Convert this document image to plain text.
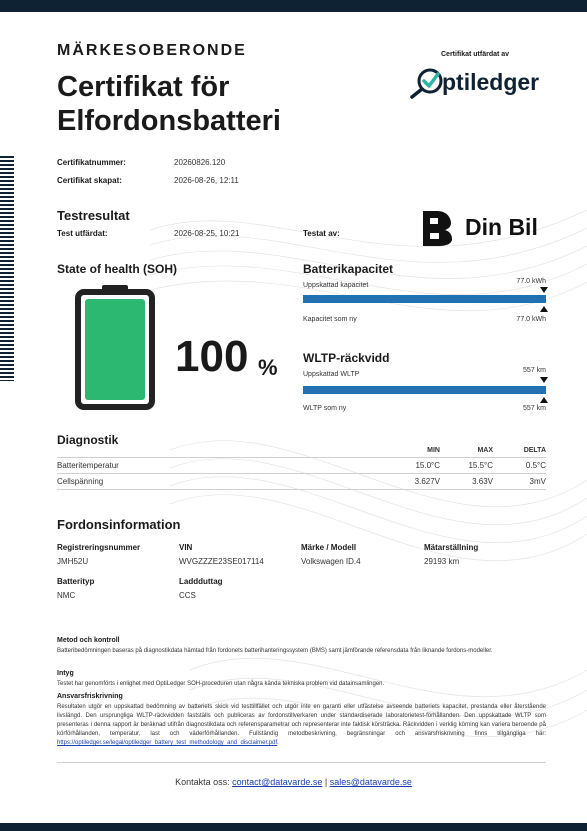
MÄRKESOBERONDE
Certifikat för
Elfordonsbatteri
Certifikat utfärdat av
ptiledger
Certifikatnummer:	20260826.120
Certifikat skapat:	2026-08-26, 12:11
Testresultat
Test utfärdat:	2026-08-25, 10:21	Testat av:	Din Bil
State of health (SOH)
100 %
Batterikapacitet
Uppskattad kapacitet
77.0 kWh
Kapacitet som ny	77.0 kWh
WLTP-räckvidd
Uppskattad WLTP
557 km
WLTP som ny	557 km
Diagnostik
MIN	MAX	DELTA
Batteritemperatur	15.0°C	15.5°C	0.5°C
Cellspänning	3.627V	3.63V	3mV
Fordonsinformation
Registreringsnummer
JMH52U
VIN
WVGZZZE23SE017114
Märke / Modell
Volkswagen ID.4
Mätarställning
29193 km
Batterityp
NMC
Laddduttag
CCS
Metod och kontroll
Batteribedömningen baseras på diagnostikdata hämtad från fordonets batterihanteringssystem (BMS) samt jämförande referensdata från liknande fordons-modeller.
Intyg
Testet har genomförts i enlighet med OptiLedger SOH-proceduren utan några kända tekniska problem vid datainsamlingen.
Ansvarsfriskrivning
Resultaten utgör en uppskattad bedömning av batteriets skick vid testtillfället och utgör inte en garanti eller utfästelse avseende batteriets kapacitet, prestanda eller återstående livslängd. Den ursprungliga WLTP-räckvidden fastställs och publiceras av fordonstillverkaren under standardiserade laboratorietest-förhållanden. Den uppskattade WLTP som presenteras i denna rapport är beräknad utifrån diagnostikdata och referensparametrar och representerar inte faktisk körsträcka. Räckvidden i verklig körning kan variera beroende på körförhållanden, temperatur, last och väderförhållanden. Fullständig metodbeskrivning, begränsningar och ansvarsfriskrivning finns tillgängliga här: https://optiledger.se/legal/optiledger_battery_test_methodology_and_disclaimer.pdf.
Kontakta oss: contact@datavarde.se | sales@datavarde.se
